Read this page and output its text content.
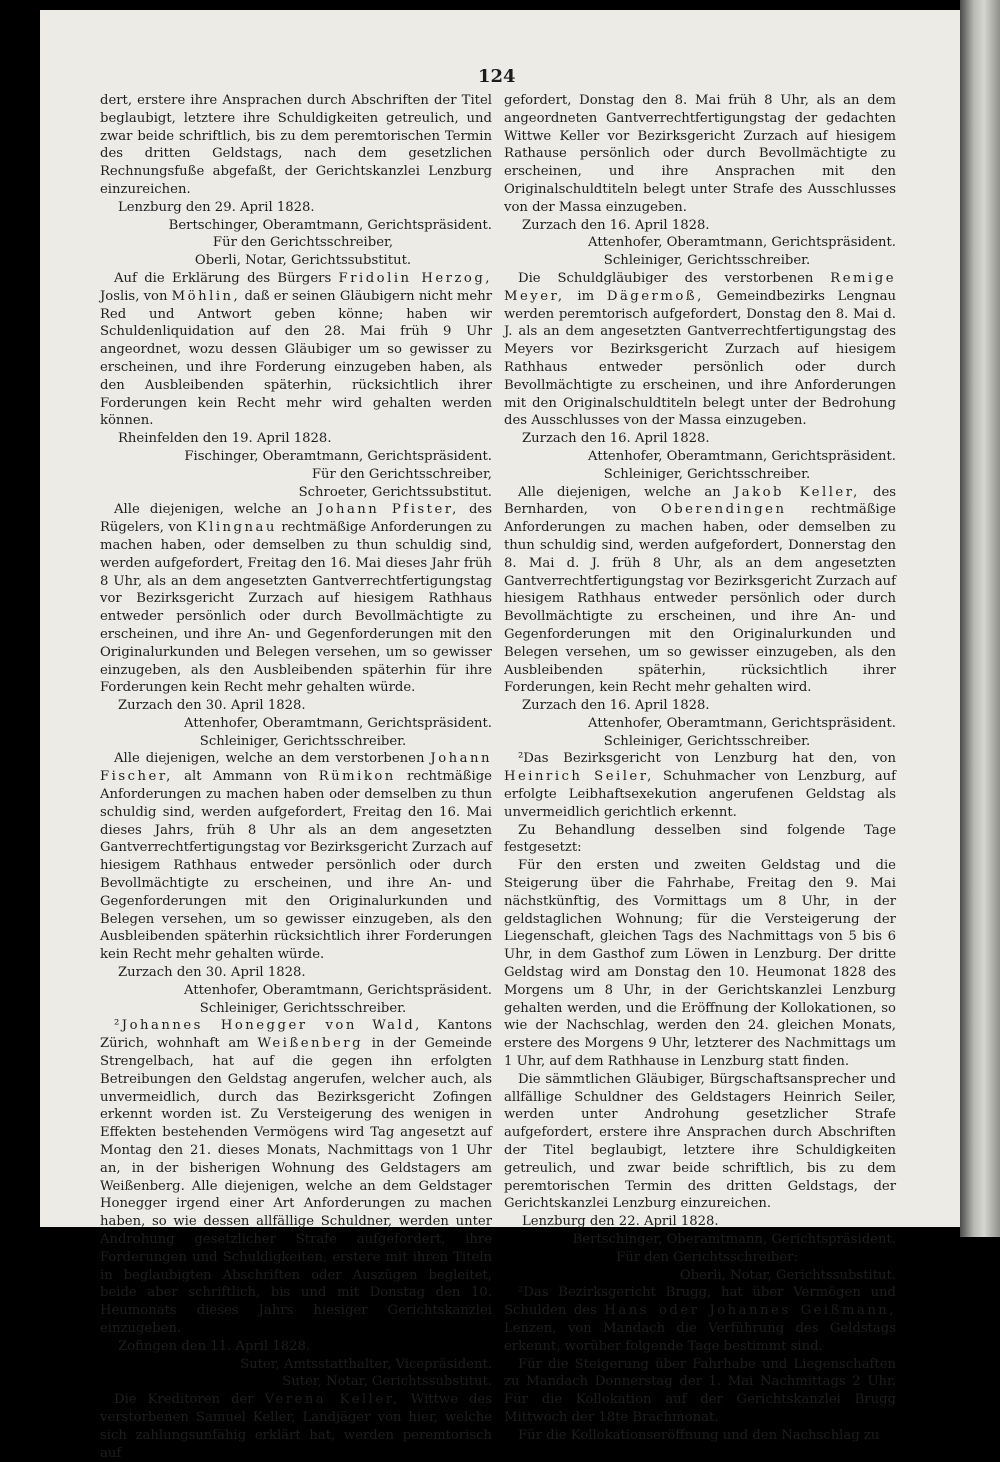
124

dert, erstere ihre Ansprachen durch Abschriften der Titel beglaubigt, letztere ihre Schuldigkeiten getreulich, und zwar beide schriftlich, bis zu dem peremtorischen Termin des dritten Geldstags, nach dem gesetzlichen Rechnungsfuße abgefaßt, der Gerichtskanzlei Lenzburg einzureichen.

Lenzburg den 29. April 1828.

Bertschinger, Oberamtmann, Gerichtspräsident.

Für den Gerichtsschreiber,

Oberli, Notar, Gerichtssubstitut.

Auf die Erklärung des Bürgers Fridolin Herzog, Joslis, von Möhlin, daß er seinen Gläubigern nicht mehr Red und Antwort geben könne; haben wir Schuldenliquidation auf den 28. Mai früh 9 Uhr angeordnet, wozu dessen Gläubiger um so gewisser zu erscheinen, und ihre Forderung einzugeben haben, als den Ausbleibenden späterhin, rücksichtlich ihrer Forderungen kein Recht mehr wird gehalten werden können.

Rheinfelden den 19. April 1828.

Fischinger, Oberamtmann, Gerichtspräsident.

Für den Gerichtsschreiber,

Schroeter, Gerichtssubstitut.

Alle diejenigen, welche an Johann Pfister, des Rügelers, von Klingnau rechtmäßige Anforderungen zu machen haben, oder demselben zu thun schuldig sind, werden aufgefordert, Freitag den 16. Mai dieses Jahr früh 8 Uhr, als an dem angesetzten Gantverrechtfertigungstag vor Bezirksgericht Zurzach auf hiesigem Rathhaus entweder persönlich oder durch Bevollmächtigte zu erscheinen, und ihre An- und Gegenforderungen mit den Originalurkunden und Belegen versehen, um so gewisser einzugeben, als den Ausbleibenden späterhin für ihre Forderungen kein Recht mehr gehalten würde.

Zurzach den 30. April 1828.

Attenhofer, Oberamtmann, Gerichtspräsident.

Schleiniger, Gerichtsschreiber.

Alle diejenigen, welche an dem verstorbenen Johann Fischer, alt Ammann von Rümikon rechtmäßige Anforderungen zu machen haben oder demselben zu thun schuldig sind, werden aufgefordert, Freitag den 16. Mai dieses Jahrs, früh 8 Uhr als an dem angesetzten Gantverrechtfertigungstag vor Bezirksgericht Zurzach auf hiesigem Rathhaus entweder persönlich oder durch Bevollmächtigte zu erscheinen, und ihre An- und Gegenforderungen mit den Originalurkunden und Belegen versehen, um so gewisser einzugeben, als den Ausbleibenden späterhin rücksichtlich ihrer Forderungen kein Recht mehr gehalten würde.

Zurzach den 30. April 1828.

Attenhofer, Oberamtmann, Gerichtspräsident.

Schleiniger, Gerichtsschreiber.

²Johannes Honegger von Wald, Kantons Zürich, wohnhaft am Weißenberg in der Gemeinde Strengelbach, hat auf die gegen ihn erfolgten Betreibungen den Geldstag angerufen, welcher auch, als unvermeidlich, durch das Bezirksgericht Zofingen erkennt worden ist. Zu Versteigerung des wenigen in Effekten bestehenden Vermögens wird Tag angesetzt auf Montag den 21. dieses Monats, Nachmittags von 1 Uhr an, in der bisherigen Wohnung des Geldstagers am Weißenberg. Alle diejenigen, welche an dem Geldstager Honegger irgend einer Art Anforderungen zu machen haben, so wie dessen allfällige Schuldner, werden unter Androhung gesetzlicher Strafe aufgefordert, ihre Forderungen und Schuldigkeiten, erstere mit ihren Titeln in beglaubigten Abschriften oder Auszügen begleitet, beide aber schriftlich, bis und mit Donstag den 10. Heumonats dieses Jahrs hiesiger Gerichtskanzlei einzugeben.

Zofingen den 11. April 1828.

Suter, Amtsstatthalter, Vicepräsident.

Suter, Notar, Gerichtssubstitut.

Die Kreditoren der Verena Keller, Wittwe des verstorbenen Samuel Keller, Landjäger von hier, welche sich zahlungsunfähig erklärt hat, werden peremtorisch auf

gefordert, Donstag den 8. Mai früh 8 Uhr, als an dem angeordneten Gantverrechtfertigungstag der gedachten Wittwe Keller vor Bezirksgericht Zurzach auf hiesigem Rathause persönlich oder durch Bevollmächtigte zu erscheinen, und ihre Ansprachen mit den Originalschuldtiteln belegt unter Strafe des Ausschlusses von der Massa einzugeben.

Zurzach den 16. April 1828.

Attenhofer, Oberamtmann, Gerichtspräsident.

Schleiniger, Gerichtsschreiber.

Die Schuldgläubiger des verstorbenen Remige Meyer, im Dägermoß, Gemeindbezirks Lengnau werden peremtorisch aufgefordert, Donstag den 8. Mai d. J. als an dem angesetzten Gantverrechtfertigungstag des Meyers vor Bezirksgericht Zurzach auf hiesigem Rathhaus entweder persönlich oder durch Bevollmächtigte zu erscheinen, und ihre Anforderungen mit den Originalschuldtiteln belegt unter der Bedrohung des Ausschlusses von der Massa einzugeben.

Zurzach den 16. April 1828.

Attenhofer, Oberamtmann, Gerichtspräsident.

Schleiniger, Gerichtsschreiber.

Alle diejenigen, welche an Jakob Keller, des Bernharden, von Oberendingen rechtmäßige Anforderungen zu machen haben, oder demselben zu thun schuldig sind, werden aufgefordert, Donnerstag den 8. Mai d. J. früh 8 Uhr, als an dem angesetzten Gantverrechtfertigungstag vor Bezirksgericht Zurzach auf hiesigem Rathhaus entweder persönlich oder durch Bevollmächtigte zu erscheinen, und ihre An- und Gegenforderungen mit den Originalurkunden und Belegen versehen, um so gewisser einzugeben, als den Ausbleibenden späterhin, rücksichtlich ihrer Forderungen, kein Recht mehr gehalten wird.

Zurzach den 16. April 1828.

Attenhofer, Oberamtmann, Gerichtspräsident.

Schleiniger, Gerichtsschreiber.

²Das Bezirksgericht von Lenzburg hat den, von Heinrich Seiler, Schuhmacher von Lenzburg, auf erfolgte Leibhaftsexekution angerufenen Geldstag als unvermeidlich gerichtlich erkennt.

Zu Behandlung desselben sind folgende Tage festgesetzt:

Für den ersten und zweiten Geldstag und die Steigerung über die Fahrhabe, Freitag den 9. Mai nächstkünftig, des Vormittags um 8 Uhr, in der geldstaglichen Wohnung; für die Versteigerung der Liegenschaft, gleichen Tags des Nachmittags von 5 bis 6 Uhr, in dem Gasthof zum Löwen in Lenzburg. Der dritte Geldstag wird am Donstag den 10. Heumonat 1828 des Morgens um 8 Uhr, in der Gerichtskanzlei Lenzburg gehalten werden, und die Eröffnung der Kollokationen, so wie der Nachschlag, werden den 24. gleichen Monats, erstere des Morgens 9 Uhr, letzterer des Nachmittags um 1 Uhr, auf dem Rathhause in Lenzburg statt finden.

Die sämmtlichen Gläubiger, Bürgschaftsansprecher und allfällige Schuldner des Geldstagers Heinrich Seiler, werden unter Androhung gesetzlicher Strafe aufgefordert, erstere ihre Ansprachen durch Abschriften der Titel beglaubigt, letztere ihre Schuldigkeiten getreulich, und zwar beide schriftlich, bis zu dem peremtorischen Termin des dritten Geldstags, der Gerichtskanzlei Lenzburg einzureichen.

Lenzburg den 22. April 1828.

Bertschinger, Oberamtmann, Gerichtspräsident.

Für den Gerichtsschreiber:

Oberli, Notar, Gerichtssubstitut.

²Das Bezirksgericht Brugg, hat über Vermögen und Schulden des Hans oder Johannes Geißmann, Lenzen, von Mandach die Verführung des Geldstags erkennt, worüber folgende Tage bestimmt sind.

Für die Steigerung über Fahrhabe und Liegenschaften zu Mandach Donnerstag der 1. Mai Nachmittags 2 Uhr. Für die Kollokation auf der Gerichtskanzlei Brugg Mittwoch der 18te Brachmonat.

Für die Kollokationseröffnung und den Nachschlag zu
